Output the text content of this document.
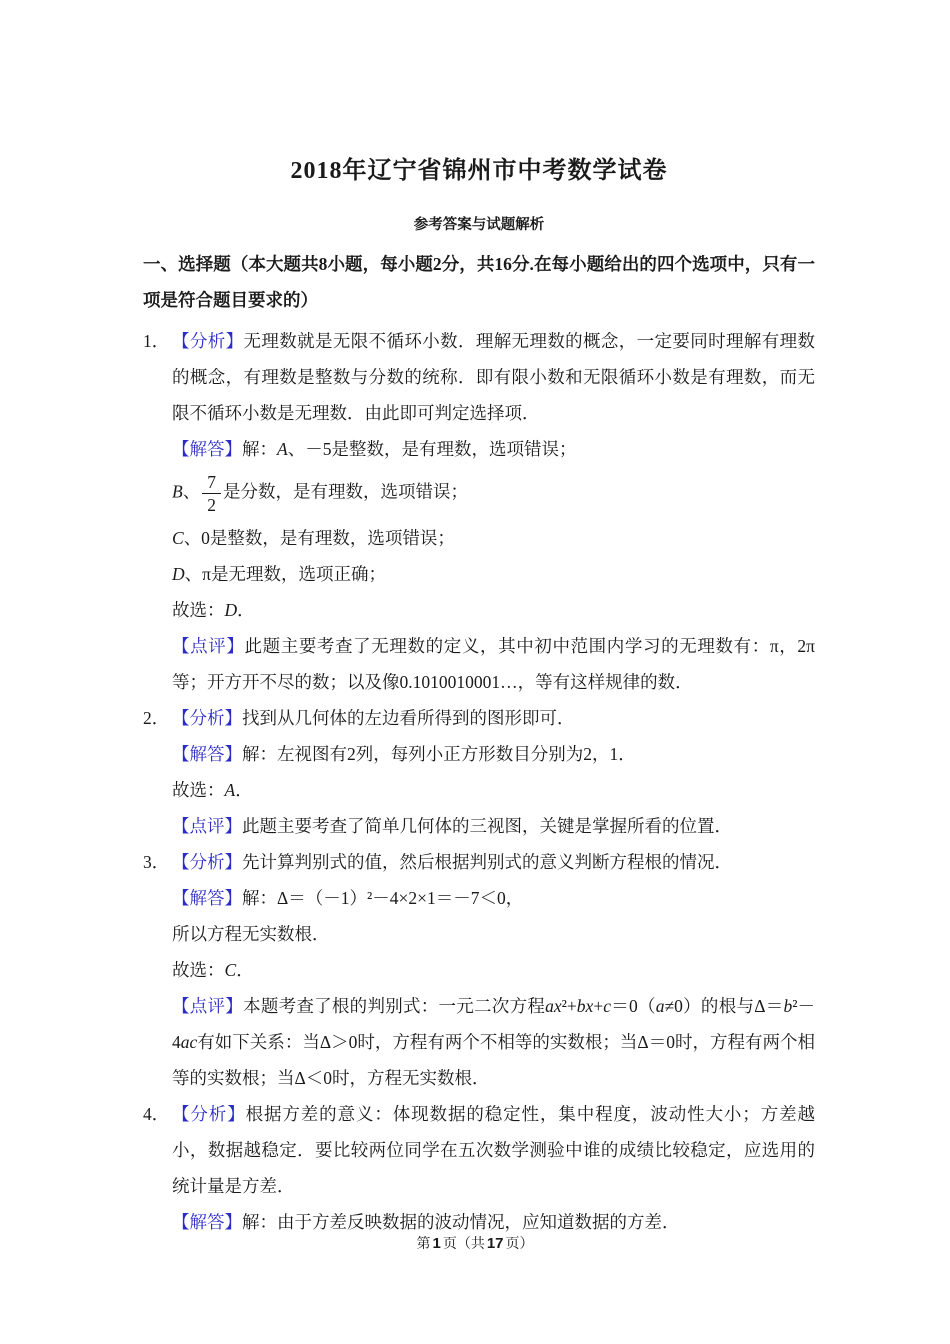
2018年辽宁省锦州市中考数学试卷
参考答案与试题解析

一、选择题（本大题共8小题，每小题2分，共16分.在每小题给出的四个选项中，只有一项是符合题目要求的）

1． 【分析】无理数就是无限不循环小数．理解无理数的概念，一定要同时理解有理数的概念，有理数是整数与分数的统称．即有限小数和无限循环小数是有理数，而无限不循环小数是无理数．由此即可判定选择项．
【解答】解：A、－5是整数，是有理数，选项错误；
B、 $\frac{7}{2}$ 是分数，是有理数，选项错误；
C、0是整数，是有理数，选项错误；
D、π是无理数，选项正确；
故选：D．
【点评】此题主要考查了无理数的定义，其中初中范围内学习的无理数有：π，2π等；开方开不尽的数；以及像0.1010010001…，等有这样规律的数．
2． 【分析】找到从几何体的左边看所得到的图形即可．
【解答】解：左视图有2列，每列小正方形数目分别为2，1．
故选：A．
【点评】此题主要考查了简单几何体的三视图，关键是掌握所看的位置．
3． 【分析】先计算判别式的值，然后根据判别式的意义判断方程根的情况．
【解答】解：Δ＝（－1）²－4×2×1＝－7＜0，
所以方程无实数根．
故选：C．
【点评】本题考查了根的判别式：一元二次方程ax²+bx+c＝0（a≠0）的根与Δ＝b²－4ac有如下关系：当Δ＞0时，方程有两个不相等的实数根；当Δ＝0时，方程有两个相等的实数根；当Δ＜0时，方程无实数根．
4． 【分析】根据方差的意义：体现数据的稳定性，集中程度，波动性大小；方差越小，数据越稳定．要比较两位同学在五次数学测验中谁的成绩比较稳定，应选用的统计量是方差．
【解答】解：由于方差反映数据的波动情况，应知道数据的方差．
第 1 页（共 17 页）
